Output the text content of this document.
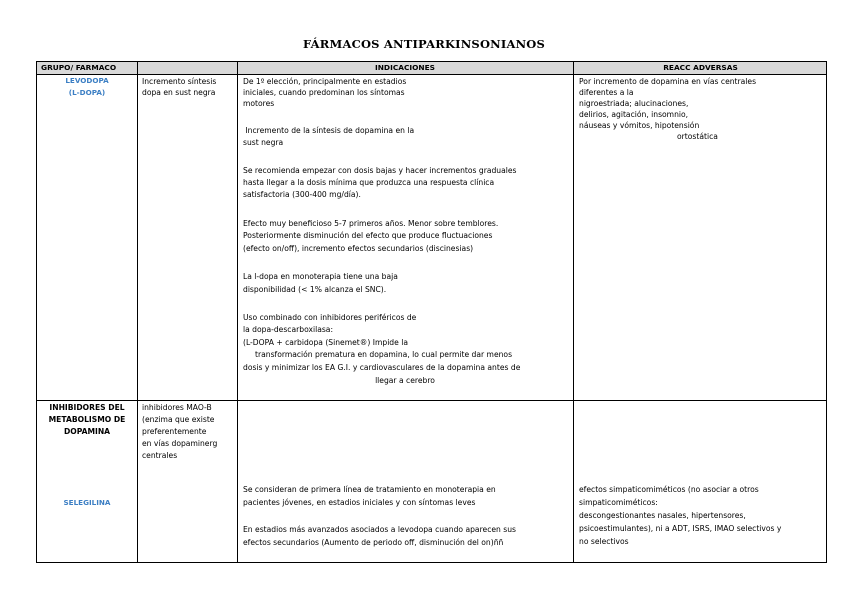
FÁRMACOS ANTIPARKINSONIANOS
GRUPO/ FARMACO	INDICACIONES	REACC ADVERSAS
LEVODOPA
(L-DOPA)
Incremento síntesis
dopa en sust negra
De 1º elección, principalmente en estadios
iniciales, cuando predominan los síntomas
motores
Incremento de la síntesis de dopamina en la
sust negra
Se recomienda empezar con dosis bajas y hacer incrementos graduales
hasta llegar a la dosis mínima que produzca una respuesta clínica
satisfactoria (300-400 mg/día).
Efecto muy beneficioso 5-7 primeros años. Menor sobre temblores.
Posteriormente disminución del efecto que produce fluctuaciones
(efecto on/off), incremento efectos secundarios (discinesias)
La l-dopa en monoterapia tiene una baja
disponibilidad (< 1% alcanza el SNC).
Uso combinado con inhibidores periféricos de
la dopa-descarboxilasa:
(L-DOPA + carbidopa (Sinemet®) Impide la
transformación prematura en dopamina, lo cual permite dar menos
dosis y minimizar los EA G.I. y cardiovasculares de la dopamina antes de
llegar a cerebro
Por incremento de dopamina en vías centrales
diferentes a la
nigroestriada; alucinaciones,
delirios, agitación, insomnio,
náuseas y vómitos, hipotensión
ortostática
INHIBIDORES DEL
METABOLISMO DE
DOPAMINA
SELEGILINA
inhibidores MAO-B
(enzima que existe
preferentemente
en vías dopaminerg
centrales
Se consideran de primera línea de tratamiento en monoterapia en
pacientes jóvenes, en estadios iniciales y con síntomas leves
En estadios más avanzados asociados a levodopa cuando aparecen sus
efectos secundarios (Aumento de periodo off, disminución del on)ññ
efectos simpaticomiméticos (no asociar a otros
simpaticomiméticos:
descongestionantes nasales, hipertensores,
psicoestimulantes), ni a ADT, ISRS, IMAO selectivos y
no selectivos
